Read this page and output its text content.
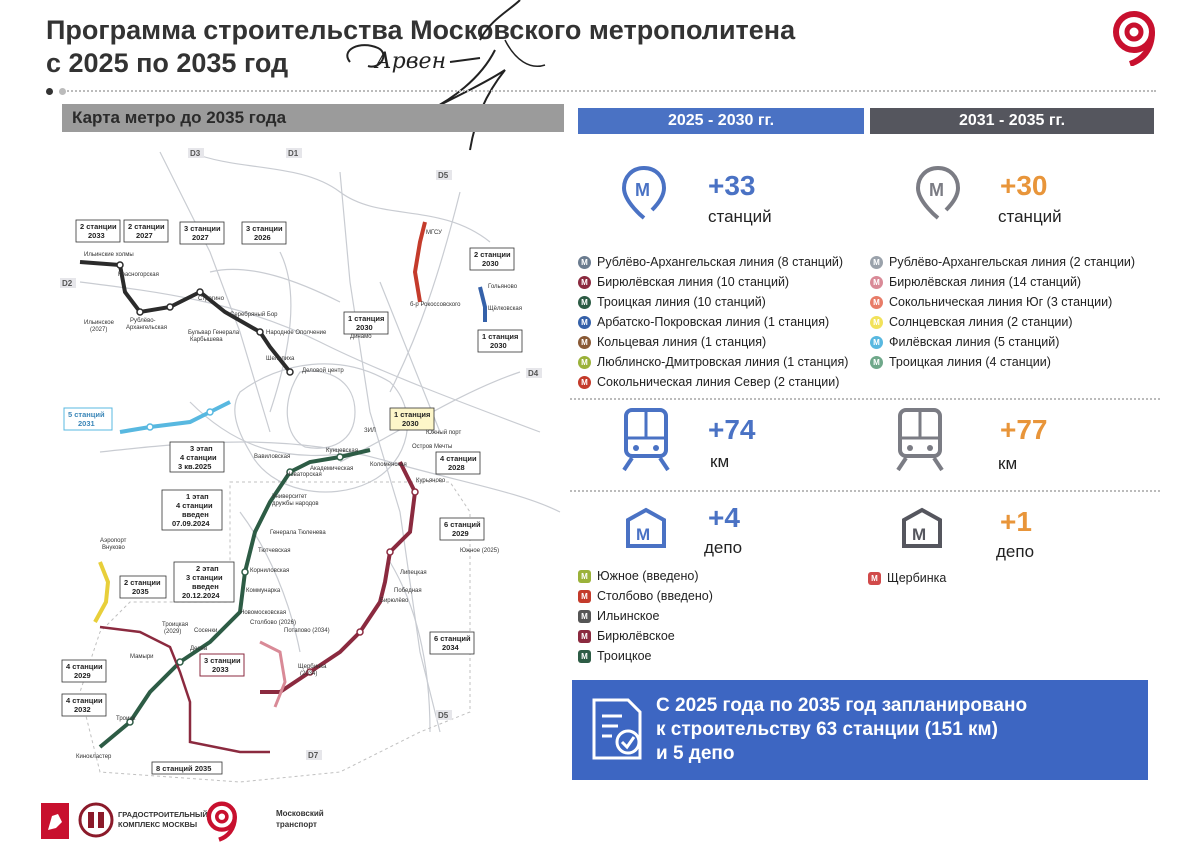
Программа строительства Московского метрополитена
с 2025 по 2035 год	Арвен
Карта метро до 2035 года
D3	D1
D2
D5
D4
D5
D7
2 станции 2033
2 станции 2027
3 станции 2027
3 станции 2026
2 станции 2030
1 станция 2030
1 станция 2030
1 станция 2030
5 станций 2031
3 этап 4 станции 3 кв.2025
1 этап 4 станции введен 07.09.2024
2 этап 3 станции введен 20.12.2024
2 станции 2035
4 станции 2028
6 станций 2029
6 станций 2034
3 станции 2033
4 станции 2029
4 станции 2032
8 станций 2035
Ильинские холмы
Красногорская
Ильинское (2027)
Рублёво-Архангельская
Строгино
Серебряный Бор
Бульвар Генерала Карбышева
Народное Ополчение
Шелепиха
Деловой центр
МГСУ
б-р Рокоссовского
Гольяново
Щёлковская
Динамо
ЗИЛ	Южный порт
Кунцевская
Остров Мечты
Коломенская
Курьяново
Новаторская
Академическая
Вавиловская
Университет дружбы народов
Генерала Тюленева
Тютчевская
Корниловская
Коммунарка
Новомосковская
Аэропорт Внуково
Столбово (2026)
Южное (2025)
Щербинка (2034)
Потапово (2034)
Троицкая (2029)
Бирюлёво
Липецкая
Победная
Сосенки
Десна
Мамыри
Троицк
Киноклaстер
2025 - 2030 гг.	2031 - 2035 гг.
М +33
станций
М +30
станций
M
Рублёво-Архангельская линия (8 станций)
M
Бирюлёвская линия (10 станций)
M
Троицкая линия (10 станций)
M
Арбатско-Покровская линия (1 станция)
M
Кольцевая линия (1 станция)
M
Люблинско-Дмитровская линия (1 станция)
M
Сокольническая линия Север (2 станции)
M
Рублёво-Архангельская линия (2 станции)
M
Бирюлёвская линия (14 станций)
M
Сокольническая линия Юг (3 станции)
M
Солнцевская линия (2 станции)
M
Филёвская линия (5 станций)
M
Троицкая линия (4 станции)
+74
км
+77
км
М
+4
депо
М	+1
депо
M
Южное
(введено)
M
Столбово
(введено)
M
Ильинское
M
Бирюлёвское
M
Троицкое
M
Щербинка
С 2025 года по 2035 год запланировано
к строительству 63 станции (151 км)
и 5 депо
ГРАДОСТРОИТЕЛЬНЫЙ КОМПЛЕКС МОСКВЫ
Московский транспорт
